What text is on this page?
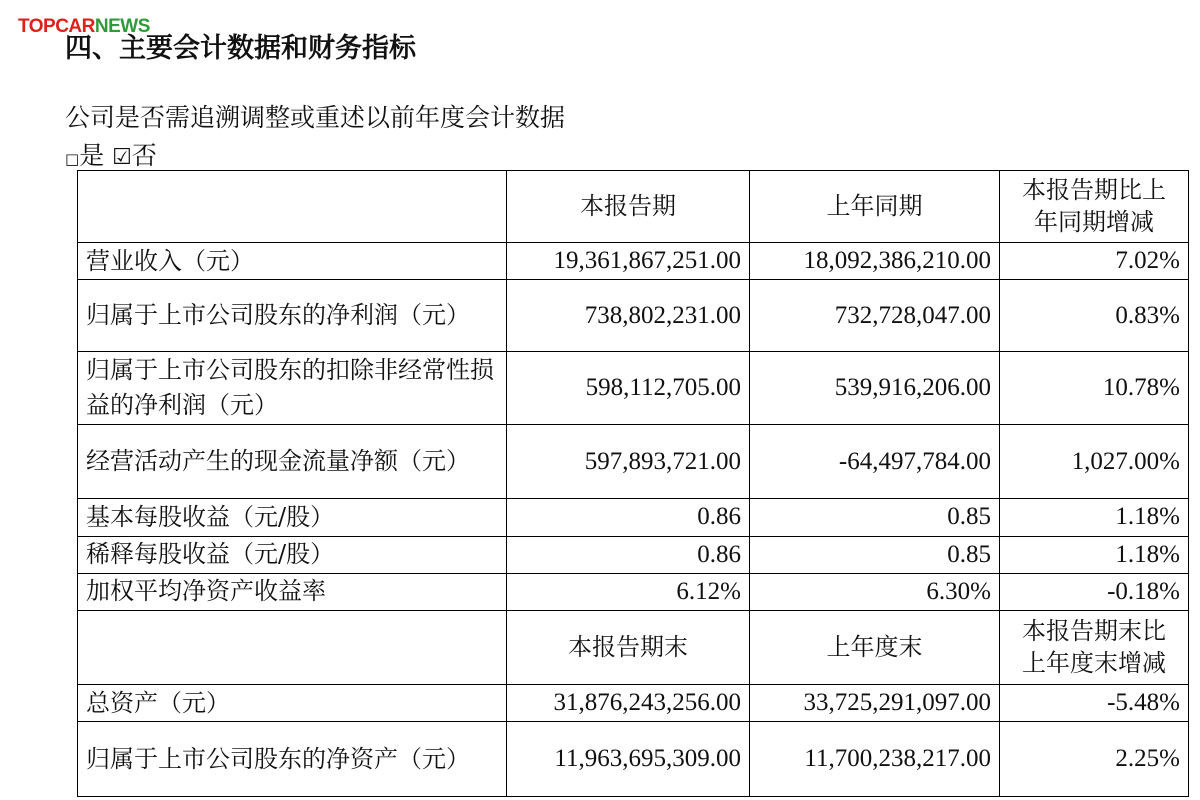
TOPCARNEWS
四、主要会计数据和财务指标

公司是否需追溯调整或重述以前年度会计数据

□是 ☑否

	本报告期	上年同期	本报告期比上
年同期增减
营业收入（元）	19,361,867,251.00	18,092,386,210.00	7.02%
归属于上市公司股东的净利润（元）	738,802,231.00	732,728,047.00	0.83%
归属于上市公司股东的扣除非经常性损益的净利润（元）	598,112,705.00	539,916,206.00	10.78%
经营活动产生的现金流量净额（元）	597,893,721.00	-64,497,784.00	1,027.00%
基本每股收益（元/股）	0.86	0.85	1.18%
稀释每股收益（元/股）	0.86	0.85	1.18%
加权平均净资产收益率	6.12%	6.30%	-0.18%
	本报告期末	上年度末	本报告期末比
上年度末增减
总资产（元）	31,876,243,256.00	33,725,291,097.00	-5.48%
归属于上市公司股东的净资产（元）	11,963,695,309.00	11,700,238,217.00	2.25%
